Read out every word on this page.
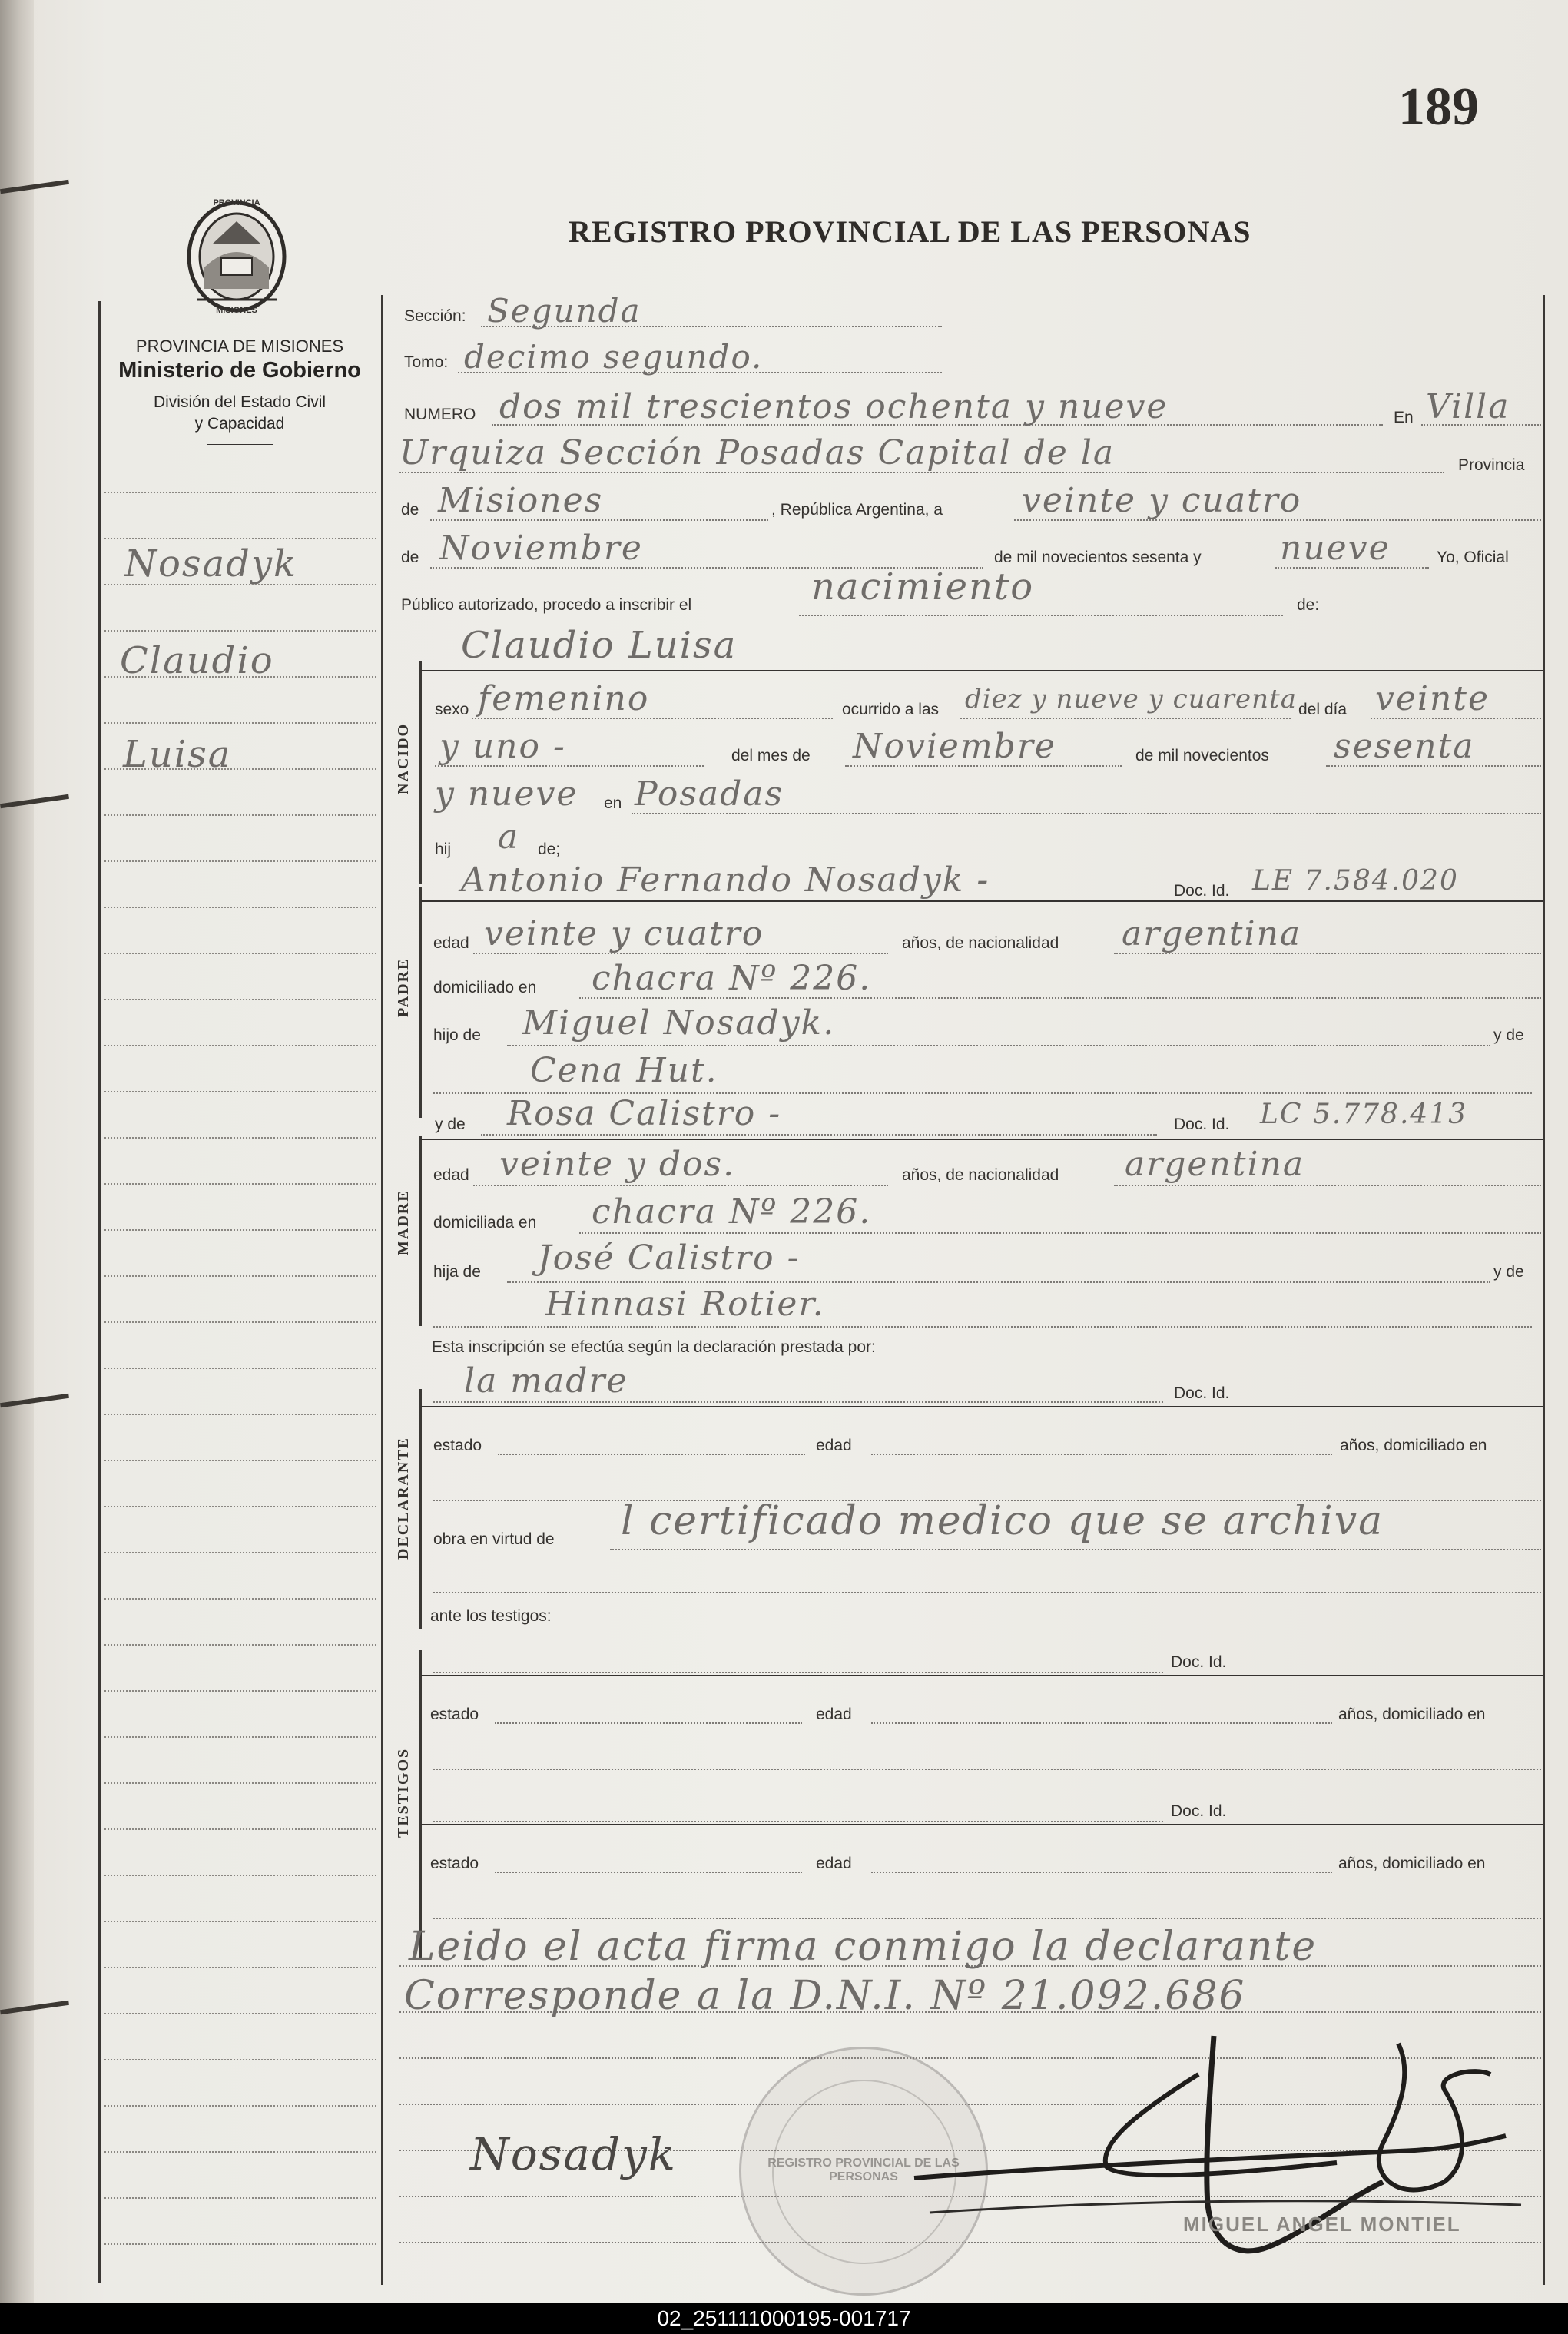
189
REGISTRO PROVINCIAL DE LAS PERSONAS
PROVINCIA
MISIONES
PROVINCIA DE MISIONES
Ministerio de Gobierno
División del Estado Civil
y Capacidad
Nosadyk
Claudio
Luisa
Sección: Segunda
Tomo: decimo segundo.
NUMERO dos mil trescientos ochenta y nueve	En Villa
Urquiza Sección Posadas Capital de la	Provincia
de Misiones	, República Argentina, a veinte y cuatro
de Noviembre	de mil novecientos sesenta y nueve	Yo, Oficial
Público autorizado, procedo a inscribir el	nacimiento	de:
NACIDO
Claudio Luisa
sexo femenino	ocurrido a las diez y nueve y cuarenta del día veinte
y uno -	del mes de Noviembre	de mil novecientos sesenta
y nueve en Posadas
hij a de;
PADRE
Antonio Fernando Nosadyk -	Doc. Id. LE 7.584.020
edad veinte y cuatro	años, de nacionalidad argentina
domiciliado en chacra Nº 226.
hijo de Miguel Nosadyk.	y de
Cena Hut.
y de Rosa Calistro -	Doc. Id. LC 5.778.413
MADRE
edad veinte y dos.	años, de nacionalidad argentina
domiciliada en chacra Nº 226.
hija de José Calistro -	y de
Hinnasi Rotier.
Esta inscripción se efectúa según la declaración prestada por:
la madre	Doc. Id.
DECLARANTE estado	edad	años, domiciliado en
obra en virtud de l certificado medico que se archiva
ante los testigos:
Doc. Id.
TESTIGOS
estado	edad	años, domiciliado en
Doc. Id.
estado	edad	años, domiciliado en
Leido el acta firma conmigo la declarante
Corresponde a la D.N.I. Nº 21.092.686
REGISTRO PROVINCIAL DE LAS PERSONAS
Nosadyk
MIGUEL ANGEL MONTIEL
02_251111000195-001717
